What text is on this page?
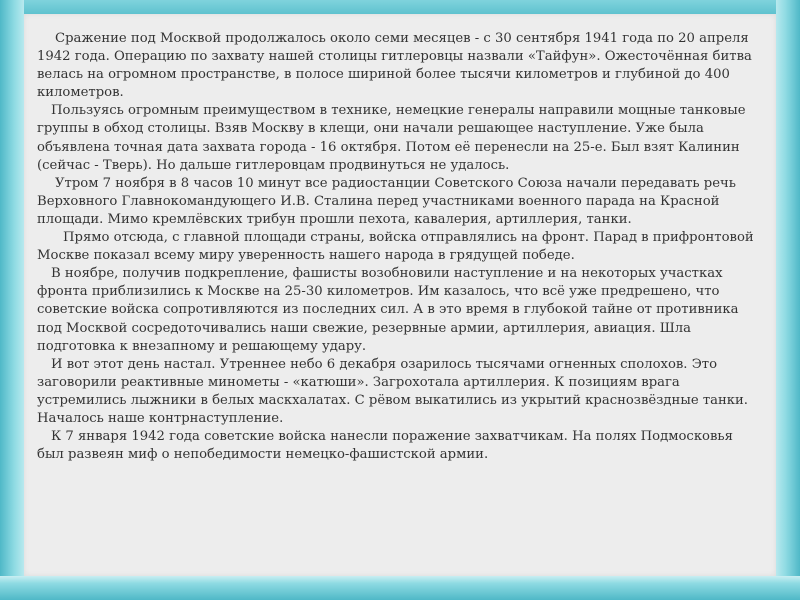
Сражение под Москвой продолжалось около семи месяцев - с 30 сентября 1941 года по 20 апреля 1942 года. Операцию по захвату нашей столицы гитлеровцы назвали «Тайфун». Ожесточённая битва велась на огромном пространстве, в полосе шириной более тысячи километров и глубиной до 400 километров.

Пользуясь огромным преимуществом в технике, немецкие генералы направили мощные танковые группы в обход столицы. Взяв Москву в клещи, они начали решающее наступление. Уже была объявлена точная дата захвата города - 16 октября. Потом её перенесли на 25-е. Был взят Калинин (сейчас - Тверь). Но дальше гитлеровцам продвинуться не удалось.

Утром 7 ноября в 8 часов 10 минут все радиостанции Советского Союза начали передавать речь Верховного Главнокомандующего И.В. Сталина перед участниками военного парада на Красной площади. Мимо кремлёвских трибун прошли пехота, кавалерия, артиллерия, танки.

Прямо отсюда, с главной площади страны, войска отправлялись на фронт. Парад в прифронтовой Москве показал всему миру уверенность нашего народа в грядущей победе.

В ноябре, получив подкрепление, фашисты возобновили наступление и на некоторых участках фронта приблизились к Москве на 25-30 километров. Им казалось, что всё уже предрешено, что советские войска сопротивляются из последних сил. А в это время в глубокой тайне от противника под Москвой сосредоточивались наши свежие, резервные армии, артиллерия, авиация. Шла подготовка к внезапному и решающему удару.

И вот этот день настал. Утреннее небо 6 декабря озарилось тысячами огненных сполохов. Это заговорили реактивные минометы - «катюши». Загрохотала артиллерия. К позициям врага устремились лыжники в белых маскхалатах. С рёвом выкатились из укрытий краснозвёздные танки. Началось наше контрнаступление.

К 7 января 1942 года советские войска нанесли поражение захватчикам. На полях Подмосковья был развеян миф о непобедимости немецко-фашистской армии.
